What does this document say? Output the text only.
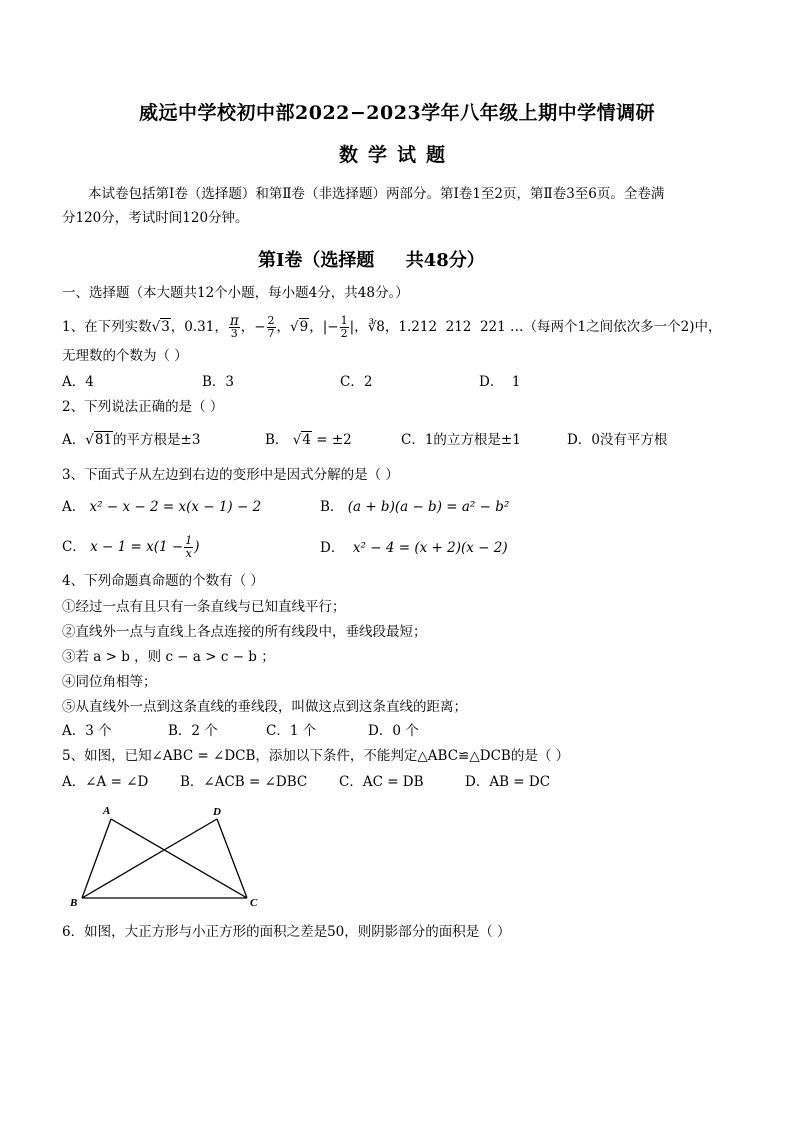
威远中学校初中部2022−2023学年八年级上期中学情调研
数学试题
本试卷包括第Ⅰ卷（选择题）和第Ⅱ卷（非选择题）两部分。第Ⅰ卷1至2页，第Ⅱ卷3至6页。全卷满
分120分，考试时间120分钟。
第Ⅰ卷（选择题     共48分）
一、选择题（本大题共12个小题，每小题4分，共48分。）
1、在下列实数 √3， 0.31， $\frac{\pi}{3}$ ，− $\frac{2}{7}$ ，√9， |− $\frac{1}{2}$ |， ∛8 ，1.212  212  221 …（每两个1之间依次多一个2)中，
无理数的个数为（ ）
A．4	B．3	C．2	D．  1
2、下列说法正确的是（ ）
A．√81的平方根是±3	B． √4 = ±2	C．1的立方根是±1	D．0没有平方根
3、下面式子从左边到右边的变形中是因式分解的是（ ）
A． x² − x − 2 = x(x − 1) − 2	B． (a + b)(a − b) = a² − b²
C．
$x - 1 = x(1 - \frac{1}{x}$ )	D． x² − 4 = (x + 2)(x − 2)
4、下列命题真命题的个数有（ ）
①经过一点有且只有一条直线与已知直线平行；
②直线外一点与直线上各点连接的所有线段中，垂线段最短；
③若 a > b ，则 c − a > c − b ；
④同位角相等；
⑤从直线外一点到这条直线的垂线段，叫做这点到这条直线的距离；
A．3 个	B．2 个	C．1 个	D．0 个
5、如图，已知∠ABC = ∠DCB，添加以下条件，不能判定△ABC≌△DCB的是（ ）
A．∠A = ∠D B．∠ACB = ∠DBC C．AC = DB	D．AB = DC
A	D
B	C
6．如图，大正方形与小正方形的面积之差是50，则阴影部分的面积是（ ）
